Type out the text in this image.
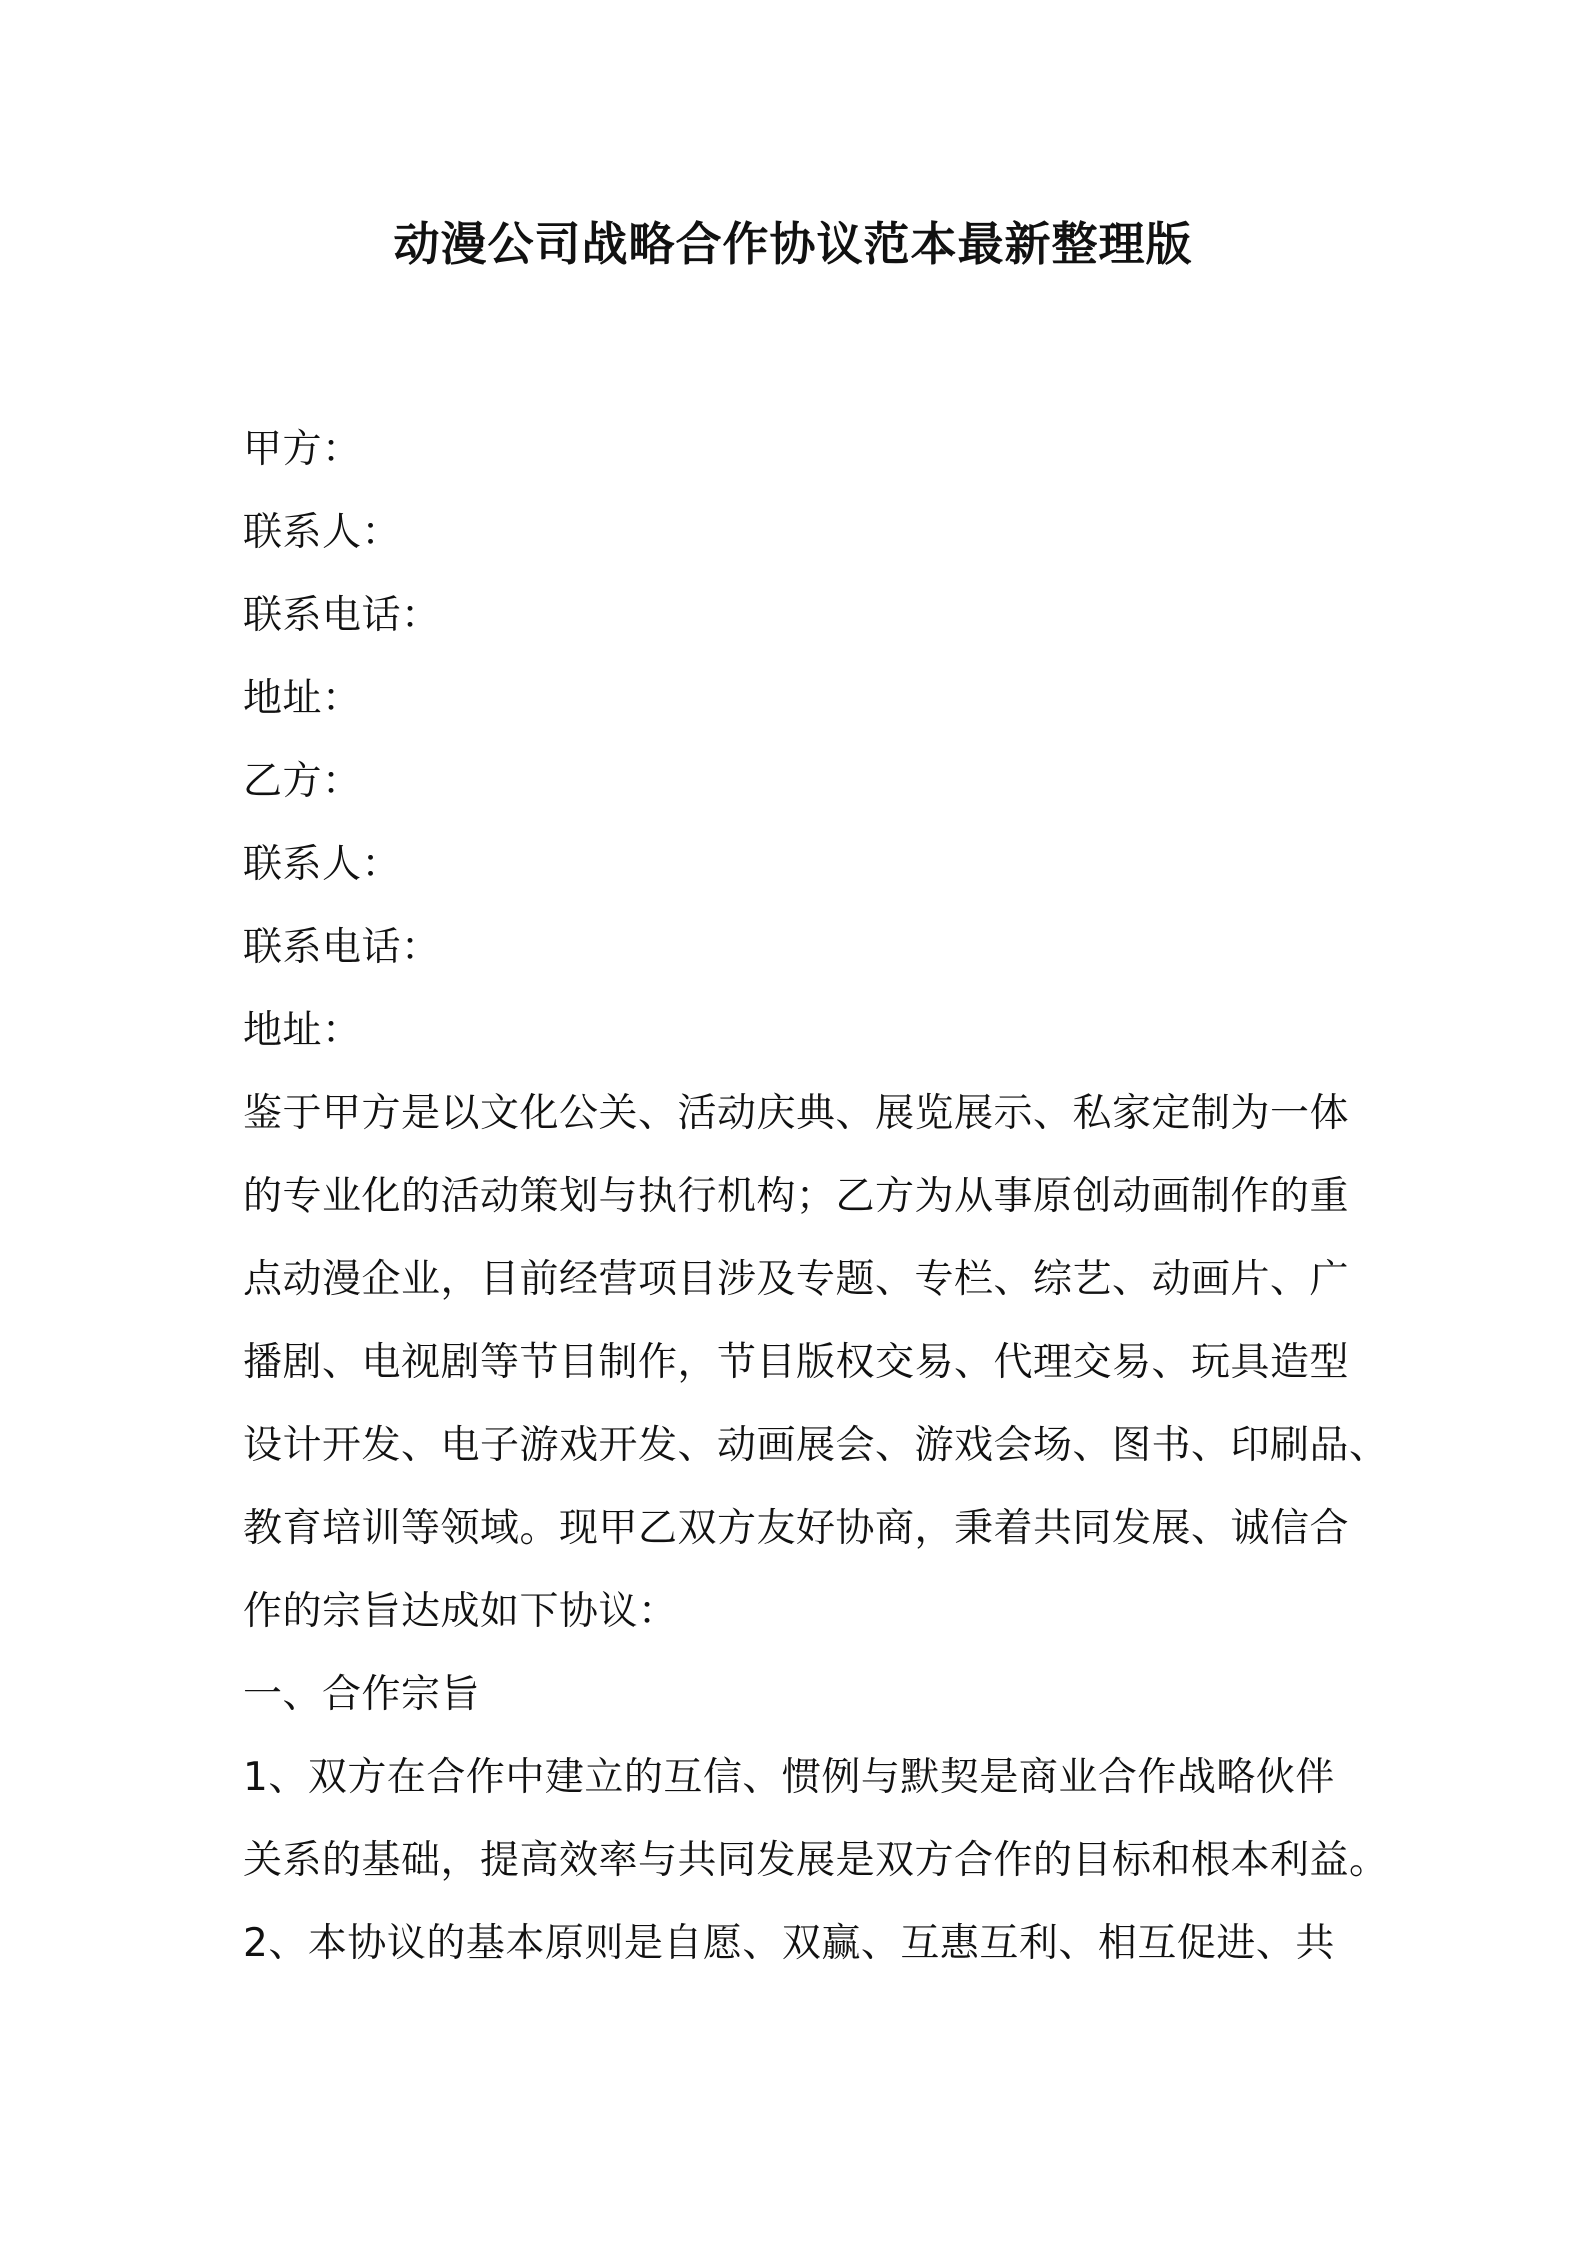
动漫公司战略合作协议范本最新整理版
甲方：
联系人：
联系电话：
地址：
乙方：
联系人：
联系电话：
地址：
鉴于甲方是以文化公关、活动庆典、展览展示、私家定制为一体
的专业化的活动策划与执行机构；乙方为从事原创动画制作的重
点动漫企业，目前经营项目涉及专题、专栏、综艺、动画片、广
播剧、电视剧等节目制作，节目版权交易、代理交易、玩具造型
设计开发、电子游戏开发、动画展会、游戏会场、图书、印刷品、
教育培训等领域。现甲乙双方友好协商，秉着共同发展、诚信合
作的宗旨达成如下协议：
一、合作宗旨
1、双方在合作中建立的互信、惯例与默契是商业合作战略伙伴
关系的基础，提高效率与共同发展是双方合作的目标和根本利益。
2、本协议的基本原则是自愿、双赢、互惠互利、相互促进、共
